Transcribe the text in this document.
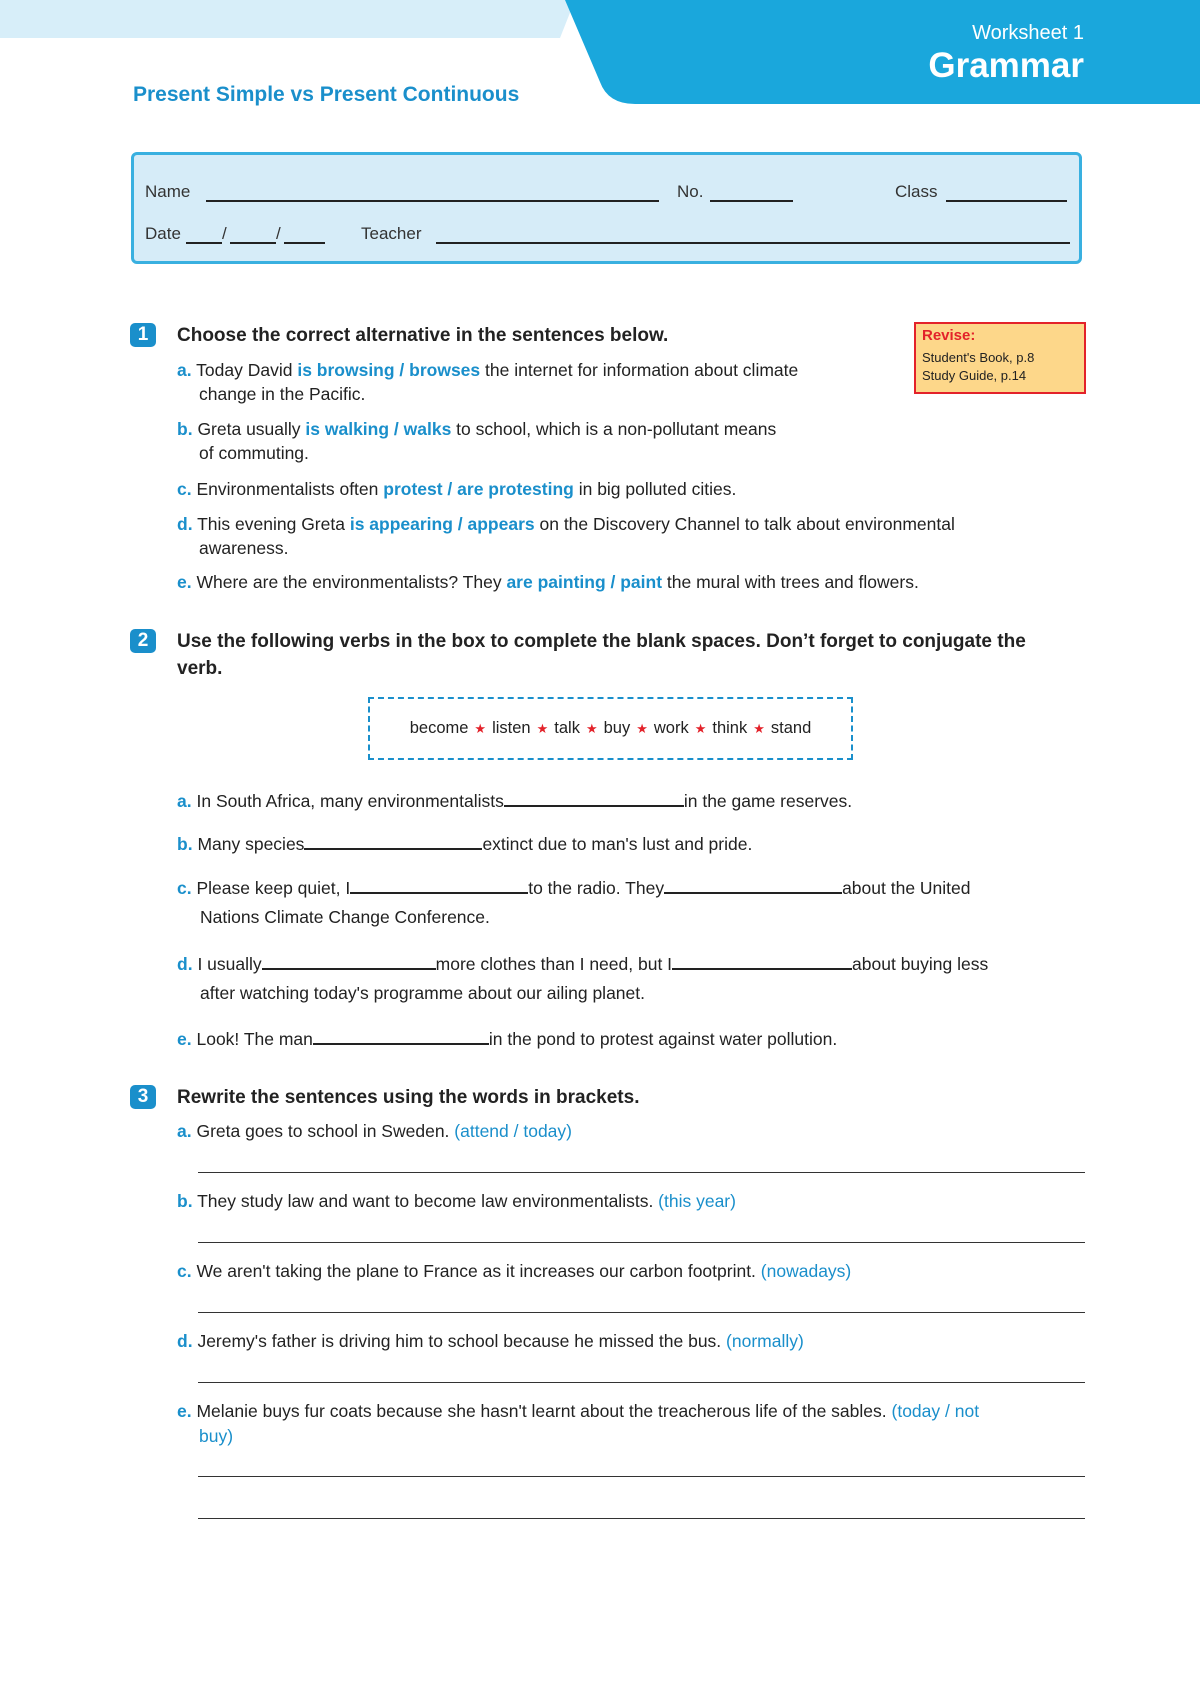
Worksheet 1
Grammar
Present Simple vs Present Continuous
Name	No.	Class
Date /	/	Teacher
1	Choose the correct alternative in the sentences below.	Revise:
Student's Book, p.8
Study Guide, p.14
a. Today David is browsing / browses the internet for information about climate
change in the Pacific.
b. Greta usually is walking / walks to school, which is a non-pollutant means
of commuting.
c. Environmentalists often protest / are protesting in big polluted cities.
d. This evening Greta is appearing / appears on the Discovery Channel to talk about environmental
awareness.
e. Where are the environmentalists? They are painting / paint the mural with trees and flowers.
2	Use the following verbs in the box to complete the blank spaces. Don’t forget to conjugate the
verb.
become ★ listen ★ talk ★ buy ★ work ★ think ★ stand
a. In South Africa, many environmentalists	in the game reserves.
b. Many species	extinct due to man's lust and pride.
c. Please keep quiet, I	to the radio. They	about the United
Nations Climate Change Conference.
d. I usually	more clothes than I need, but I	about buying less
after watching today's programme about our ailing planet.
e. Look! The man	in the pond to protest against water pollution.
3	Rewrite the sentences using the words in brackets.
a. Greta goes to school in Sweden. (attend / today)
b. They study law and want to become law environmentalists. (this year)
c. We aren't taking the plane to France as it increases our carbon footprint. (nowadays)
d. Jeremy's father is driving him to school because he missed the bus. (normally)
e. Melanie buys fur coats because she hasn't learnt about the treacherous life of the sables. (today / not
buy)
